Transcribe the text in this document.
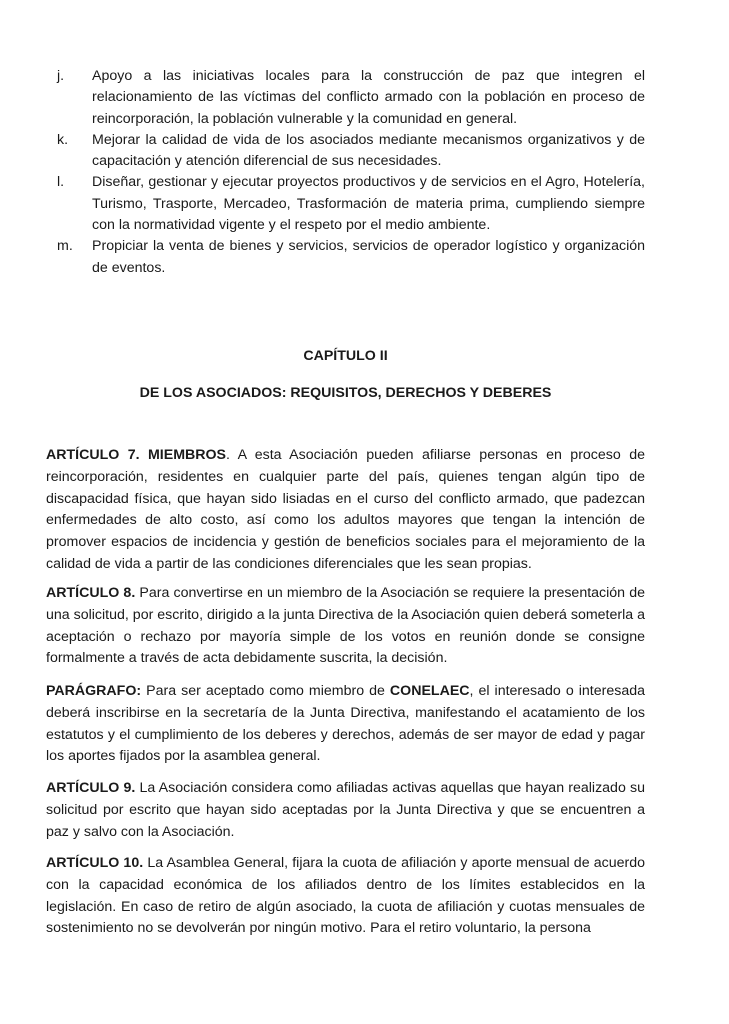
j.	Apoyo a las iniciativas locales para la construcción de paz que integren el relacionamiento de las víctimas del conflicto armado con la población en proceso de reincorporación, la población vulnerable y la comunidad en general.
k.	Mejorar la calidad de vida de los asociados mediante mecanismos organizativos y de capacitación y atención diferencial de sus necesidades.
l.	Diseñar, gestionar y ejecutar proyectos productivos y de servicios en el Agro, Hotelería, Turismo, Trasporte, Mercadeo, Trasformación de materia prima, cumpliendo siempre con la normatividad vigente y el respeto por el medio ambiente.
m.	Propiciar la venta de bienes y servicios, servicios de operador logístico y organización de eventos.
CAPÍTULO II
DE LOS ASOCIADOS: REQUISITOS, DERECHOS Y DEBERES

ARTÍCULO 7. MIEMBROS. A esta Asociación pueden afiliarse personas en proceso de reincorporación, residentes en cualquier parte del país, quienes tengan algún tipo de discapacidad física, que hayan sido lisiadas en el curso del conflicto armado, que padezcan enfermedades de alto costo, así como los adultos mayores que tengan la intención de promover espacios de incidencia y gestión de beneficios sociales para el mejoramiento de la calidad de vida a partir de las condiciones diferenciales que les sean propias.

ARTÍCULO 8. Para convertirse en un miembro de la Asociación se requiere la presentación de una solicitud, por escrito, dirigido a la junta Directiva de la Asociación quien deberá someterla a aceptación o rechazo por mayoría simple de los votos en reunión donde se consigne formalmente a través de acta debidamente suscrita, la decisión.

PARÁGRAFO: Para ser aceptado como miembro de CONELAEC, el interesado o interesada deberá inscribirse en la secretaría de la Junta Directiva, manifestando el acatamiento de los estatutos y el cumplimiento de los deberes y derechos, además de ser mayor de edad y pagar los aportes fijados por la asamblea general.

ARTÍCULO 9. La Asociación considera como afiliadas activas aquellas que hayan realizado su solicitud por escrito que hayan sido aceptadas por la Junta Directiva y que se encuentren a paz y salvo con la Asociación.

ARTÍCULO 10. La Asamblea General, fijara la cuota de afiliación y aporte mensual de acuerdo con la capacidad económica de los afiliados dentro de los límites establecidos en la legislación. En caso de retiro de algún asociado, la cuota de afiliación y cuotas mensuales de sostenimiento no se devolverán por ningún motivo. Para el retiro voluntario, la persona
